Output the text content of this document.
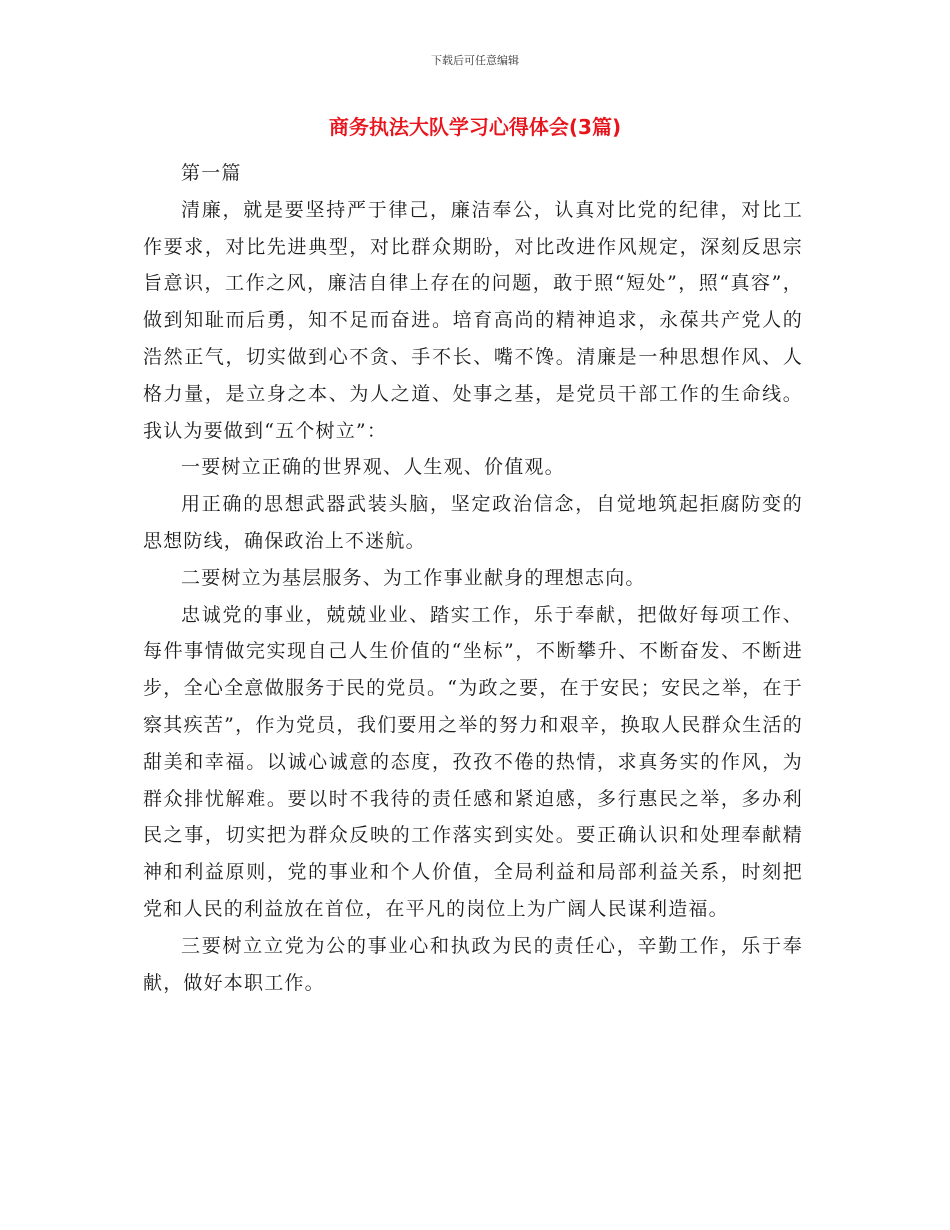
下载后可任意编辑
商务执法大队学习心得体会(3篇)

第一篇

清廉，就是要坚持严于律己，廉洁奉公，认真对比党的纪律，对比工作要求，对比先进典型，对比群众期盼，对比改进作风规定，深刻反思宗旨意识，工作之风，廉洁自律上存在的问题，敢于照“短处”，照“真容”，做到知耻而后勇，知不足而奋进。培育高尚的精神追求，永葆共产党人的浩然正气，切实做到心不贪、手不长、嘴不馋。清廉是一种思想作风、人格力量，是立身之本、为人之道、处事之基，是党员干部工作的生命线。我认为要做到“五个树立”：

一要树立正确的世界观、人生观、价值观。

用正确的思想武器武装头脑，坚定政治信念，自觉地筑起拒腐防变的思想防线，确保政治上不迷航。

二要树立为基层服务、为工作事业献身的理想志向。

忠诚党的事业，兢兢业业、踏实工作，乐于奉献，把做好每项工作、每件事情做完实现自己人生价值的“坐标”，不断攀升、不断奋发、不断进步，全心全意做服务于民的党员。“为政之要，在于安民；安民之举，在于察其疾苦”，作为党员，我们要用之举的努力和艰辛，换取人民群众生活的甜美和幸福。以诚心诚意的态度，孜孜不倦的热情，求真务实的作风，为群众排忧解难。要以时不我待的责任感和紧迫感，多行惠民之举，多办利民之事，切实把为群众反映的工作落实到实处。要正确认识和处理奉献精神和利益原则，党的事业和个人价值，全局利益和局部利益关系，时刻把党和人民的利益放在首位，在平凡的岗位上为广阔人民谋利造福。

三要树立立党为公的事业心和执政为民的责任心，辛勤工作，乐于奉献，做好本职工作。
